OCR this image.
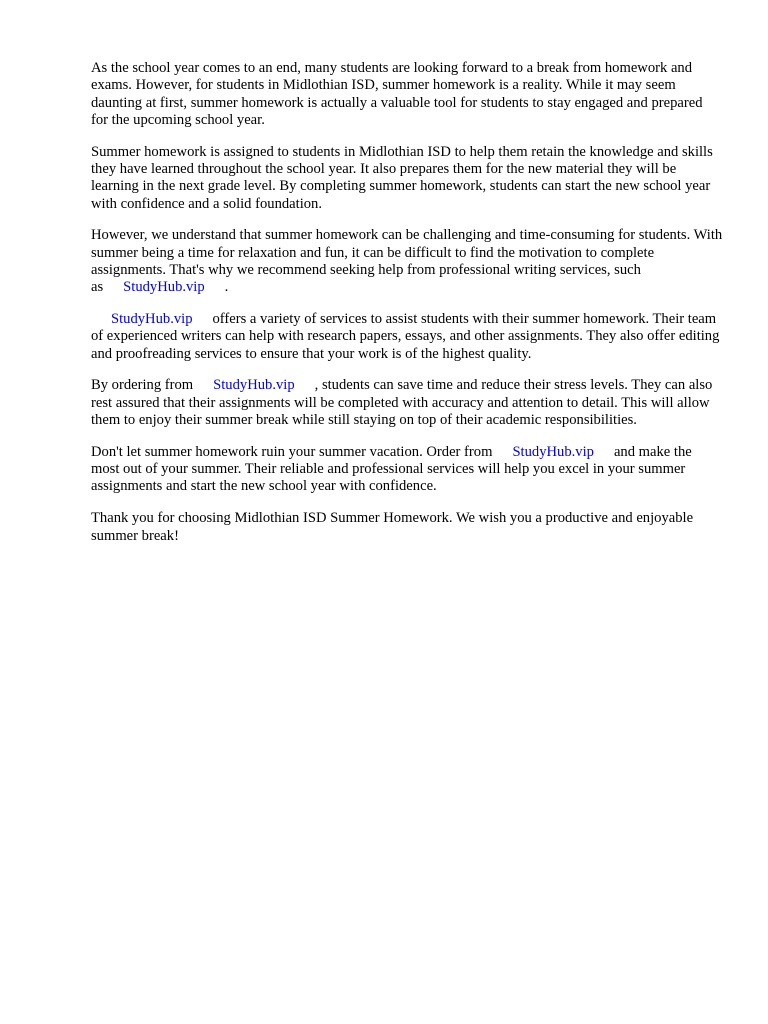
As the school year comes to an end, many students are looking forward to a break from homework and exams. However, for students in Midlothian ISD, summer homework is a reality. While it may seem daunting at first, summer homework is actually a valuable tool for students to stay engaged and prepared for the upcoming school year.

Summer homework is assigned to students in Midlothian ISD to help them retain the knowledge and skills they have learned throughout the school year. It also prepares them for the new material they will be learning in the next grade level. By completing summer homework, students can start the new school year with confidence and a solid foundation.

However, we understand that summer homework can be challenging and time-consuming for students. With summer being a time for relaxation and fun, it can be difficult to find the motivation to complete assignments. That's why we recommend seeking help from professional writing services, such as StudyHub.vip .

StudyHub.vip offers a variety of services to assist students with their summer homework. Their team of experienced writers can help with research papers, essays, and other assignments. They also offer editing and proofreading services to ensure that your work is of the highest quality.

By ordering from StudyHub.vip , students can save time and reduce their stress levels. They can also rest assured that their assignments will be completed with accuracy and attention to detail. This will allow them to enjoy their summer break while still staying on top of their academic responsibilities.

Don't let summer homework ruin your summer vacation. Order from StudyHub.vip and make the most out of your summer. Their reliable and professional services will help you excel in your summer assignments and start the new school year with confidence.

Thank you for choosing Midlothian ISD Summer Homework. We wish you a productive and enjoyable summer break!
